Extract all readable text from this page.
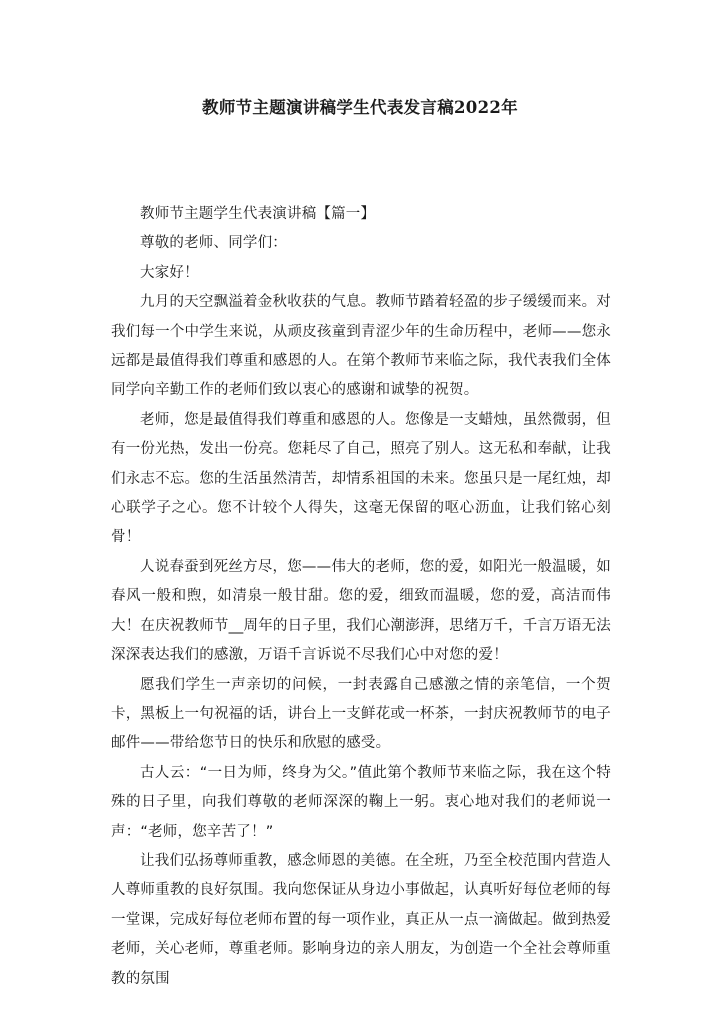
教师节主题演讲稿学生代表发言稿2022年

教师节主题学生代表演讲稿【篇一】

尊敬的老师、同学们：

大家好！

九月的天空飘溢着金秋收获的气息。教师节踏着轻盈的步子缓缓而来。对我们每一个中学生来说，从顽皮孩童到青涩少年的生命历程中，老师——您永远都是最值得我们尊重和感恩的人。在第个教师节来临之际，我代表我们全体同学向辛勤工作的老师们致以衷心的感谢和诚挚的祝贺。

老师，您是最值得我们尊重和感恩的人。您像是一支蜡烛，虽然微弱，但有一份光热，发出一份亮。您耗尽了自己，照亮了别人。这无私和奉献，让我们永志不忘。您的生活虽然清苦，却情系祖国的未来。您虽只是一尾红烛，却心联学子之心。您不计较个人得失，这毫无保留的呕心沥血，让我们铭心刻骨！

人说春蚕到死丝方尽，您——伟大的老师，您的爱，如阳光一般温暖，如春风一般和煦，如清泉一般甘甜。您的爱，细致而温暖，您的爱，高洁而伟大！在庆祝教师节__周年的日子里，我们心潮澎湃，思绪万千，千言万语无法深深表达我们的感激，万语千言诉说不尽我们心中对您的爱！

愿我们学生一声亲切的问候，一封表露自己感激之情的亲笔信，一个贺卡，黑板上一句祝福的话，讲台上一支鲜花或一杯茶，一封庆祝教师节的电子邮件——带给您节日的快乐和欣慰的感受。

古人云：“一日为师，终身为父。”值此第个教师节来临之际，我在这个特殊的日子里，向我们尊敬的老师深深的鞠上一躬。衷心地对我们的老师说一声：“老师，您辛苦了！”

让我们弘扬尊师重教，感念师恩的美德。在全班，乃至全校范围内营造人人尊师重教的良好氛围。我向您保证从身边小事做起，认真听好每位老师的每一堂课，完成好每位老师布置的每一项作业，真正从一点一滴做起。做到热爱老师，关心老师，尊重老师。影响身边的亲人朋友，为创造一个全社会尊师重教的氛围
